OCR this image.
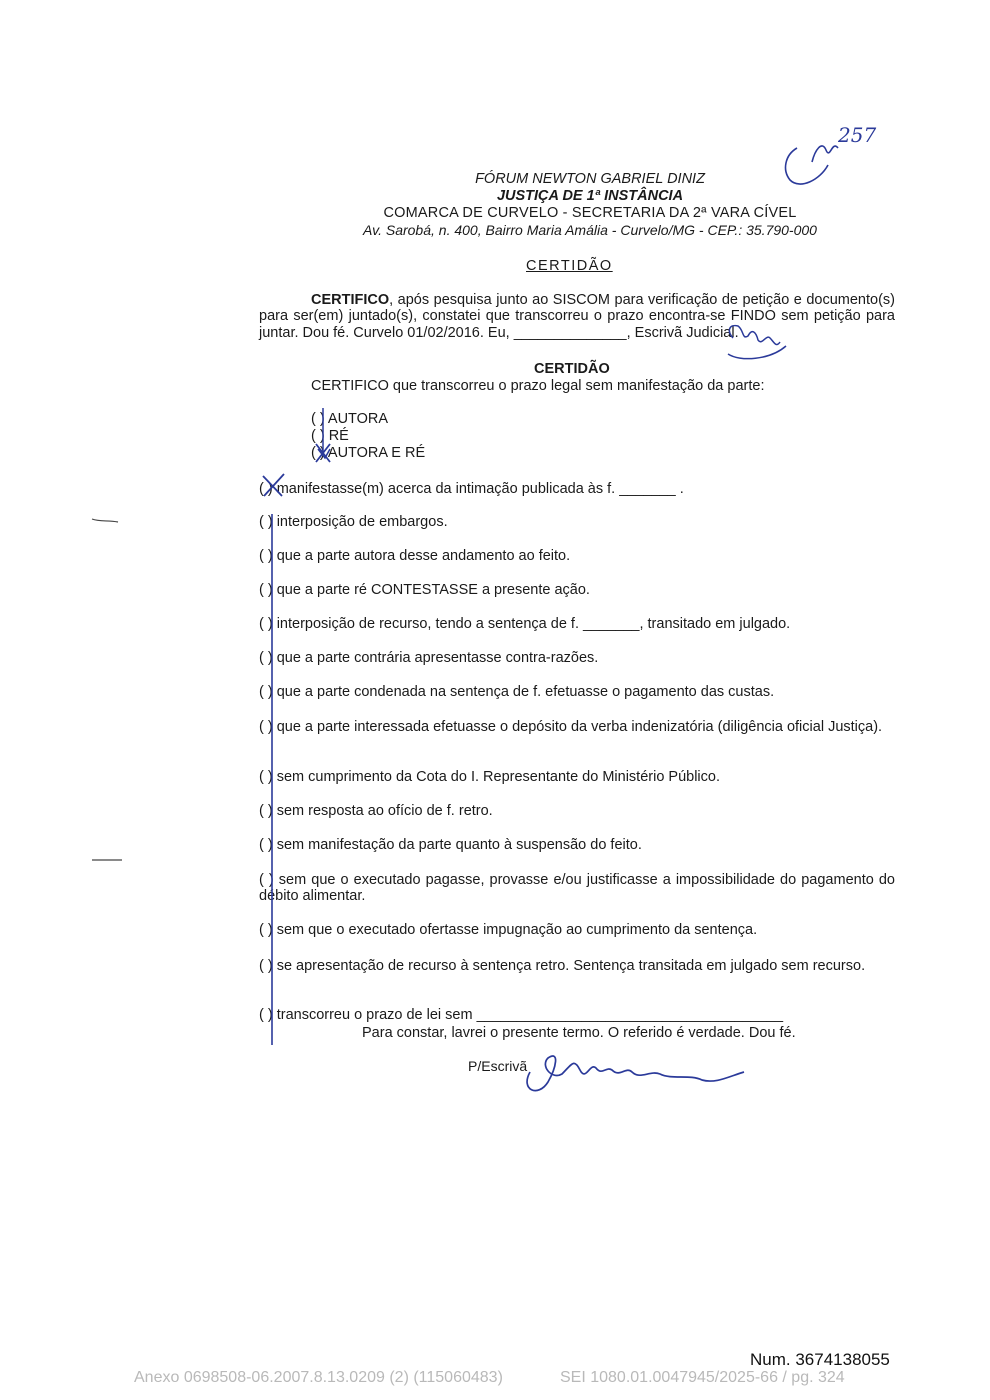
FÓRUM NEWTON GABRIEL DINIZ
JUSTIÇA DE 1ª INSTÂNCIA
COMARCA DE CURVELO - SECRETARIA DA 2ª VARA CÍVEL
Av. Sarobá, n. 400, Bairro Maria Amália - Curvelo/MG - CEP.: 35.790-000
CERTIDÃO

CERTIFICO, após pesquisa junto ao SISCOM para verificação de petição e documento(s) para ser(em) juntado(s), constatei que transcorreu o prazo encontra-se FINDO sem petição para juntar. Dou fé. Curvelo 01/02/2016. Eu, ______________, Escrivã Judicial.

CERTIDÃO
CERTIFICO que transcorreu o prazo legal sem manifestação da parte:
( ) AUTORA
( ) RÉ
( ) AUTORA E RÉ
( ) manifestasse(m) acerca da intimação publicada às f. _______ .
( ) interposição de embargos.
( ) que a parte autora desse andamento ao feito.
( ) que a parte ré CONTESTASSE a presente ação.
( ) interposição de recurso, tendo a sentença de f. _______, transitado em julgado.
( ) que a parte contrária apresentasse contra-razões.
( ) que a parte condenada na sentença de f. efetuasse o pagamento das custas.
( ) que a parte interessada efetuasse o depósito da verba indenizatória (diligência oficial Justiça).
( ) sem cumprimento da Cota do I. Representante do Ministério Público.
( ) sem resposta ao ofício de f. retro.
( ) sem manifestação da parte quanto à suspensão do feito.
( ) sem que o executado pagasse, provasse e/ou justificasse a impossibilidade do pagamento do débito alimentar.
( ) sem que o executado ofertasse impugnação ao cumprimento da sentença.
( ) se apresentação de recurso à sentença retro. Sentença transitada em julgado sem recurso.
( ) transcorreu o prazo de lei sem ______________________________________
Para constar, lavrei o presente termo. O referido é verdade. Dou fé.
P/Escrivã
257
Num. 3674138055
Anexo 0698508-06.2007.8.13.0209 (2) (115060483)	SEI 1080.01.0047945/2025-66 / pg. 324
